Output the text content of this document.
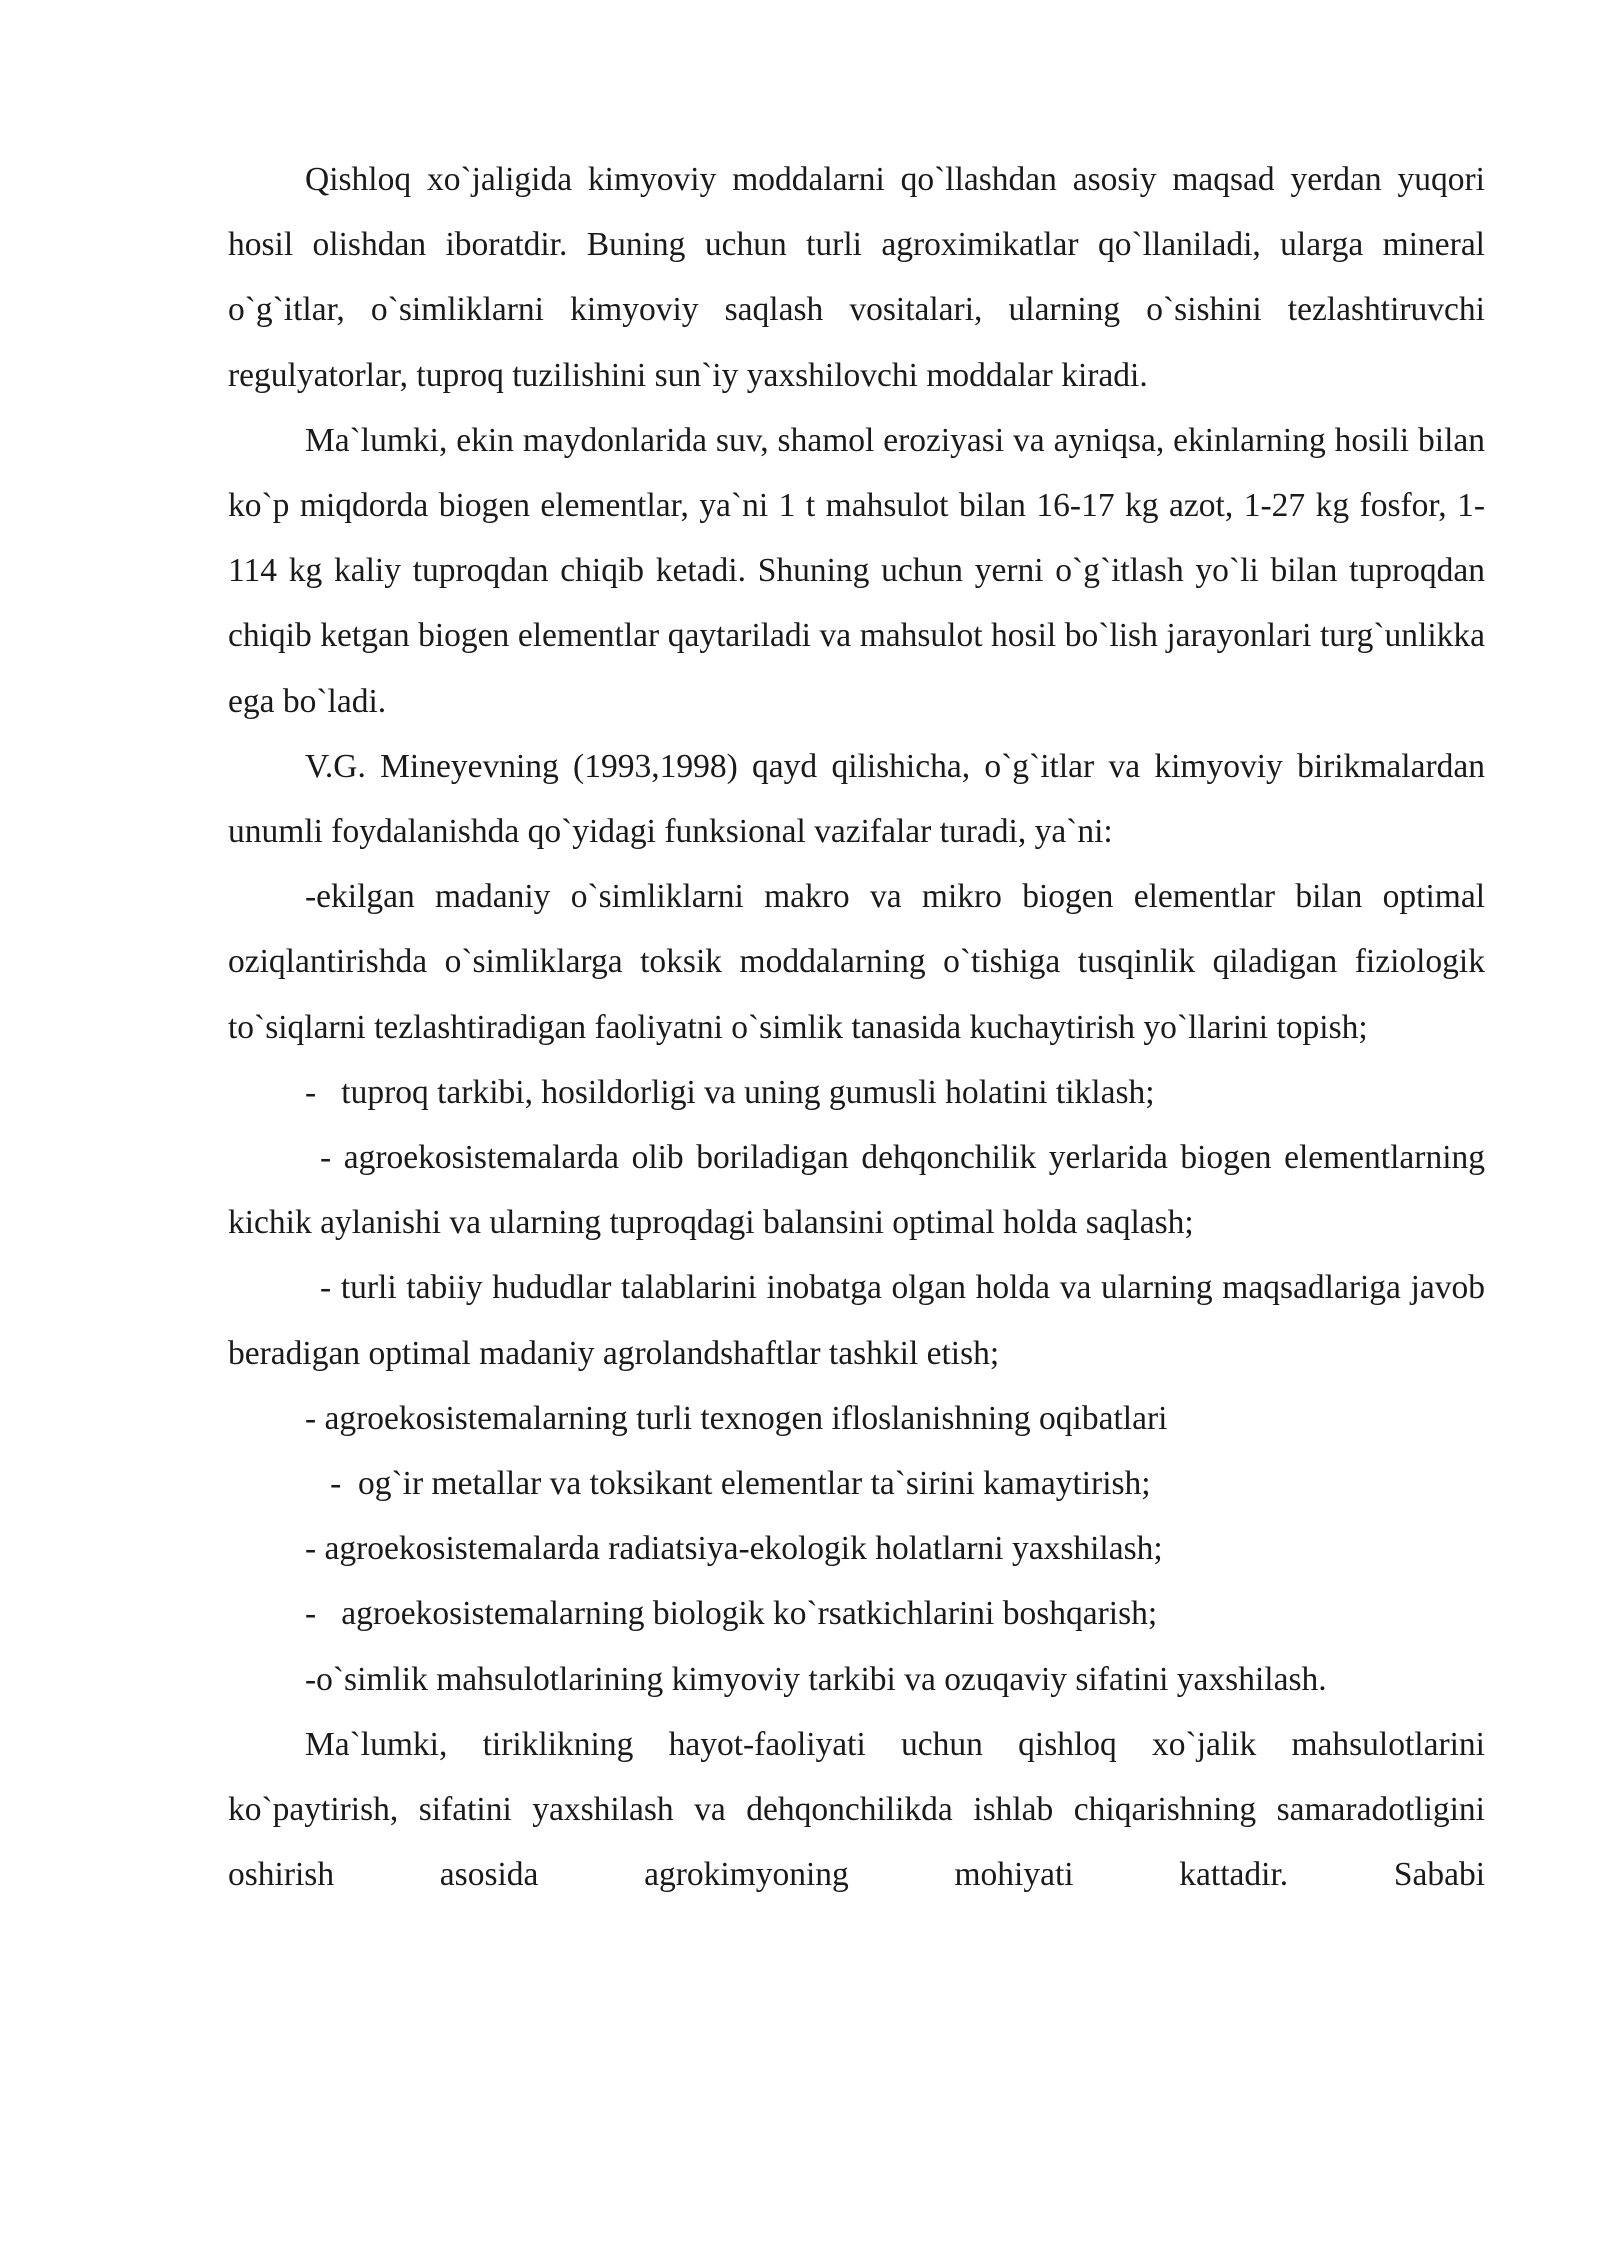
Qishloq xo`jaligida kimyoviy moddalarni qo`llashdan asosiy maqsad yerdan yuqori hosil olishdan iboratdir. Buning uchun turli agroximikatlar qo`llaniladi, ularga mineral o`g`itlar, o`simliklarni kimyoviy saqlash vositalari, ularning o`sishini tezlashtiruvchi regulyatorlar, tuproq tuzilishini sun`iy yaxshilovchi moddalar kiradi.

Ma`lumki, ekin maydonlarida suv, shamol eroziyasi va ayniqsa, ekinlarning hosili bilan ko`p miqdorda biogen elementlar, ya`ni 1 t mahsulot bilan 16-17 kg azot, 1-27 kg fosfor, 1-114 kg kaliy tuproqdan chiqib ketadi. Shuning uchun yerni o`g`itlash yo`li bilan tuproqdan chiqib ketgan biogen elementlar qaytariladi va mahsulot hosil bo`lish jarayonlari turg`unlikka ega bo`ladi.

V.G. Mineyevning (1993,1998) qayd qilishicha, o`g`itlar va kimyoviy birikmalardan unumli foydalanishda qo`yidagi funksional vazifalar turadi, ya`ni:

-ekilgan madaniy o`simliklarni makro va mikro biogen elementlar bilan optimal oziqlantirishda o`simliklarga toksik moddalarning o`tishiga tusqinlik qiladigan fiziologik to`siqlarni tezlashtiradigan faoliyatni o`simlik tanasida kuchaytirish yo`llarini topish;

-   tuproq tarkibi, hosildorligi va uning gumusli holatini tiklash;

- agroekosistemalarda olib boriladigan dehqonchilik yerlarida biogen elementlarning kichik aylanishi va ularning tuproqdagi balansini optimal holda saqlash;

- turli tabiiy hududlar talablarini inobatga olgan holda va ularning maqsadlariga javob beradigan optimal madaniy agrolandshaftlar tashkil etish;

- agroekosistemalarning turli texnogen ifloslanishning oqibatlari

-  og`ir metallar va toksikant elementlar ta`sirini kamaytirish;

- agroekosistemalarda radiatsiya-ekologik holatlarni yaxshilash;

-   agroekosistemalarning biologik ko`rsatkichlarini boshqarish;

-o`simlik mahsulotlarining kimyoviy tarkibi va ozuqaviy sifatini yaxshilash.

Ma`lumki, tiriklikning hayot-faoliyati uchun qishloq xo`jalik mahsulotlarini ko`paytirish, sifatini yaxshilash va dehqonchilikda ishlab chiqarishning samaradotligini oshirish asosida agrokimyoning mohiyati kattadir. Sababi
